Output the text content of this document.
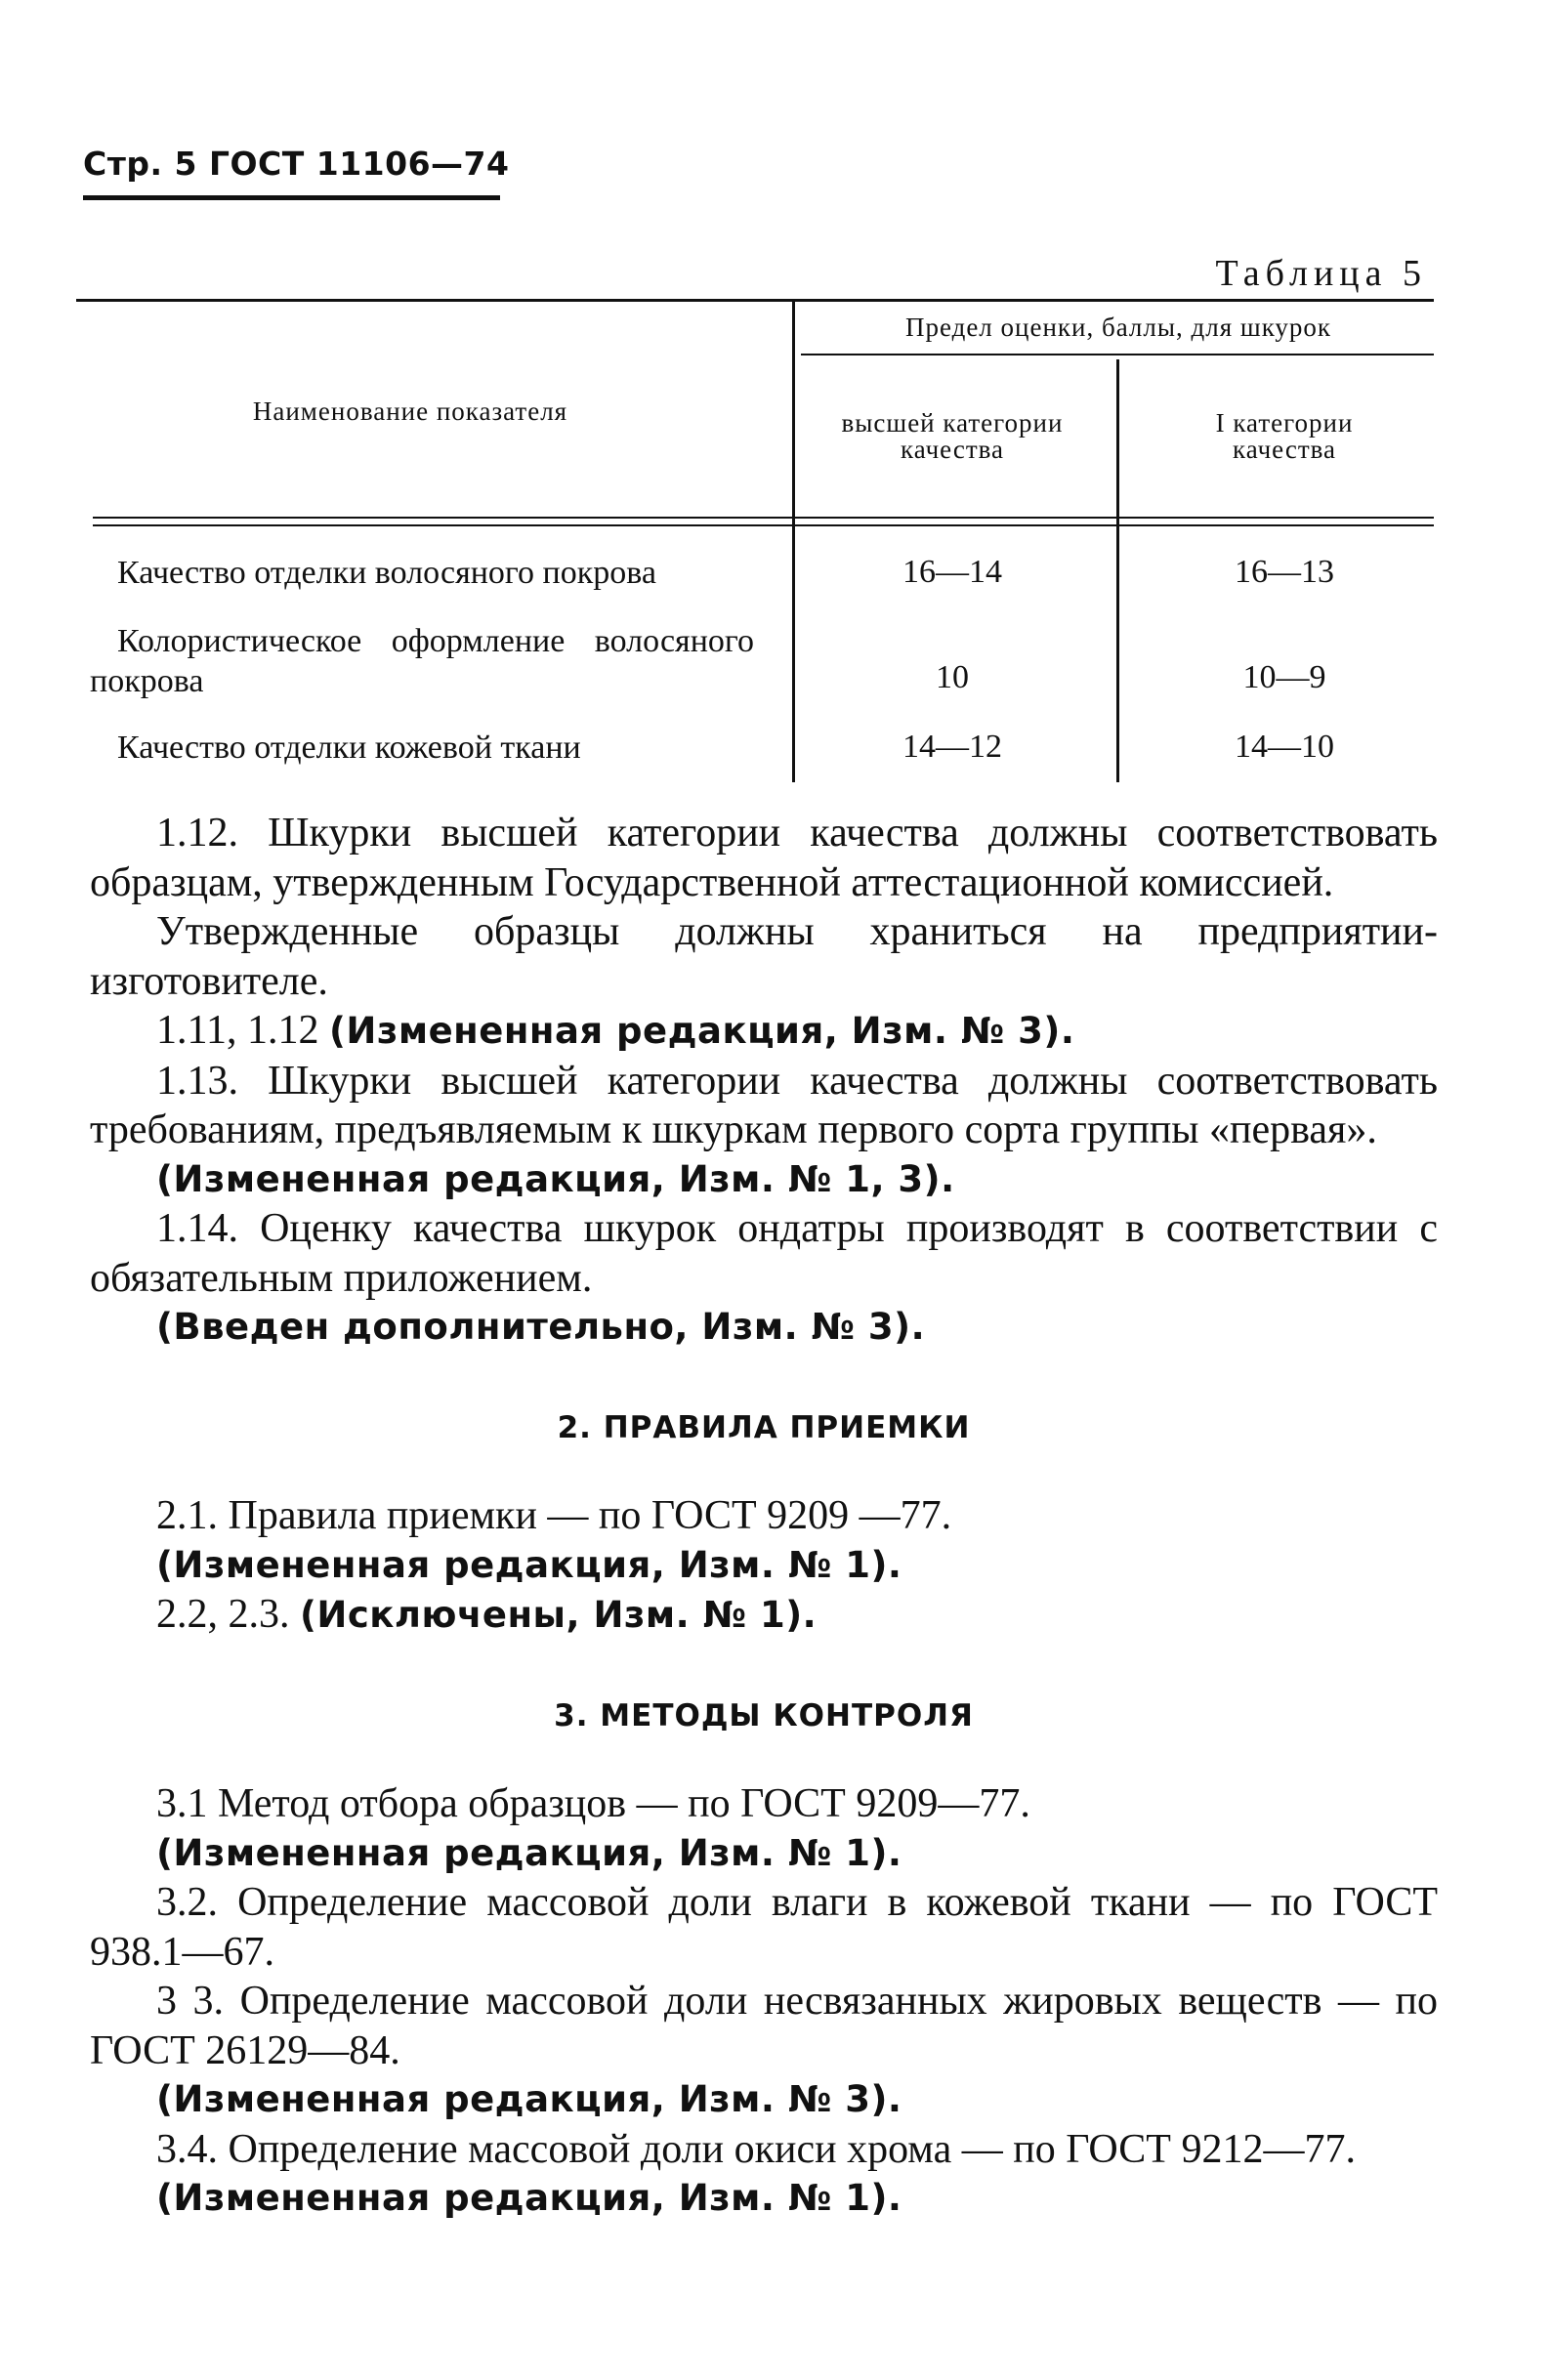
Стр. 5 ГОСТ 11106—74
Таблица 5
Наименование показателя
Предел оценки, баллы, для шкурок
высшей категории качества
I категории качества
Качество отделки волосяного покрова	16—14	16—13
Колористическое оформление волосяного покрова	10	10—9
Качество отделки кожевой ткани	14—12	14—10

1.12. Шкурки высшей категории качества должны соответствовать образцам, утвержденным Государственной аттестационной комиссией.

Утвержденные образцы должны храниться на предприятии-изготовителе.

1.11, 1.12 (Измененная редакция, Изм. № 3).

1.13. Шкурки высшей категории качества должны соответствовать требованиям, предъявляемым к шкуркам первого сорта группы «первая».

(Измененная редакция, Изм. № 1, 3).

1.14. Оценку качества шкурок ондатры производят в соответствии с обязательным приложением.

(Введен дополнительно, Изм. № 3).

2. ПРАВИЛА ПРИЕМКИ

2.1. Правила приемки — по ГОСТ 9209 —77.

(Измененная редакция, Изм. № 1).

2.2, 2.3. (Исключены, Изм. № 1).

3. МЕТОДЫ КОНТРОЛЯ

3.1 Метод отбора образцов — по ГОСТ 9209—77.

(Измененная редакция, Изм. № 1).

3.2. Определение массовой доли влаги в кожевой ткани — по ГОСТ 938.1—67.

3 3. Определение массовой доли несвязанных жировых веществ — по ГОСТ 26129—84.

(Измененная редакция, Изм. № 3).

3.4. Определение массовой доли окиси хрома — по ГОСТ 9212—77.

(Измененная редакция, Изм. № 1).
